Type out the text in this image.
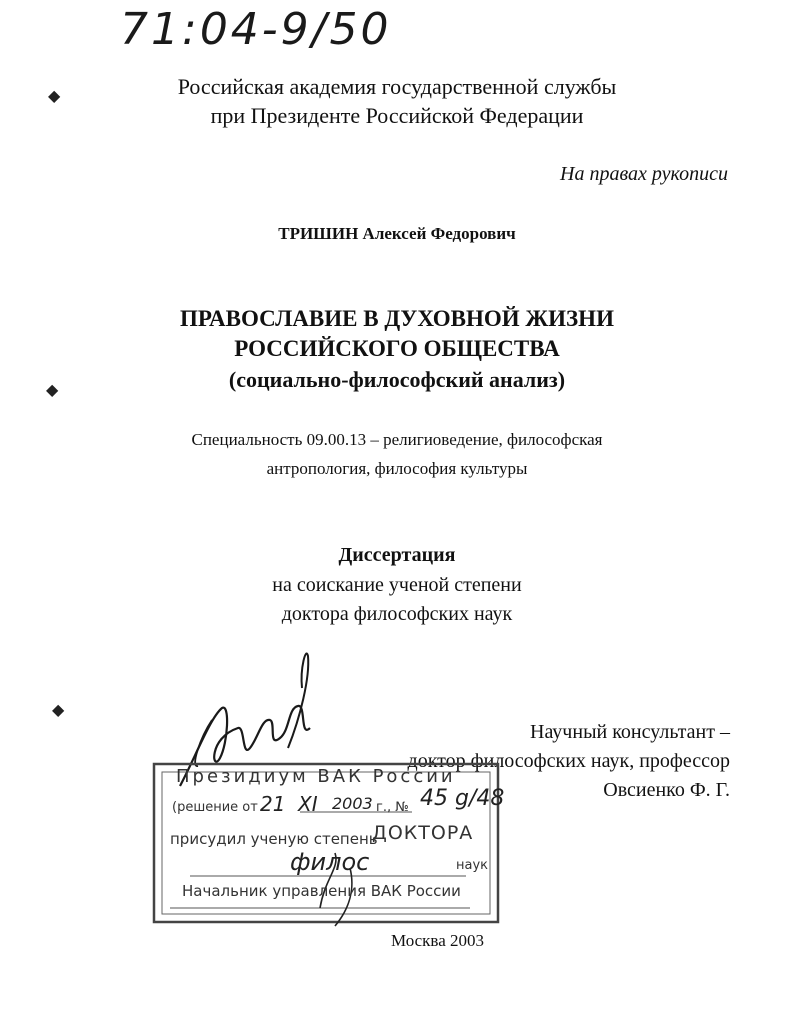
71:04-9/50
◆
◆
◆
Российская академия государственной службы
при Президенте Российской Федерации
На правах рукописи
ТРИШИН Алексей Федорович
ПРАВОСЛАВИЕ В ДУХОВНОЙ ЖИЗНИ
РОССИЙСКОГО ОБЩЕСТВА
(социально-философский анализ)
Специальность 09.00.13 – религиоведение, философская
антропология, философия культуры
Диссертация
на соискание ученой степени
доктора философских наук
Научный консультант –
доктор философских наук, профессор
Овсиенко Ф. Г.
Президиум ВАК России
(решение от 21 XI 2003 г., № 45 g/48
присудил ученую степень
ДОКТОРА
филос	наук
Начальник управления ВАК России
Москва 2003
